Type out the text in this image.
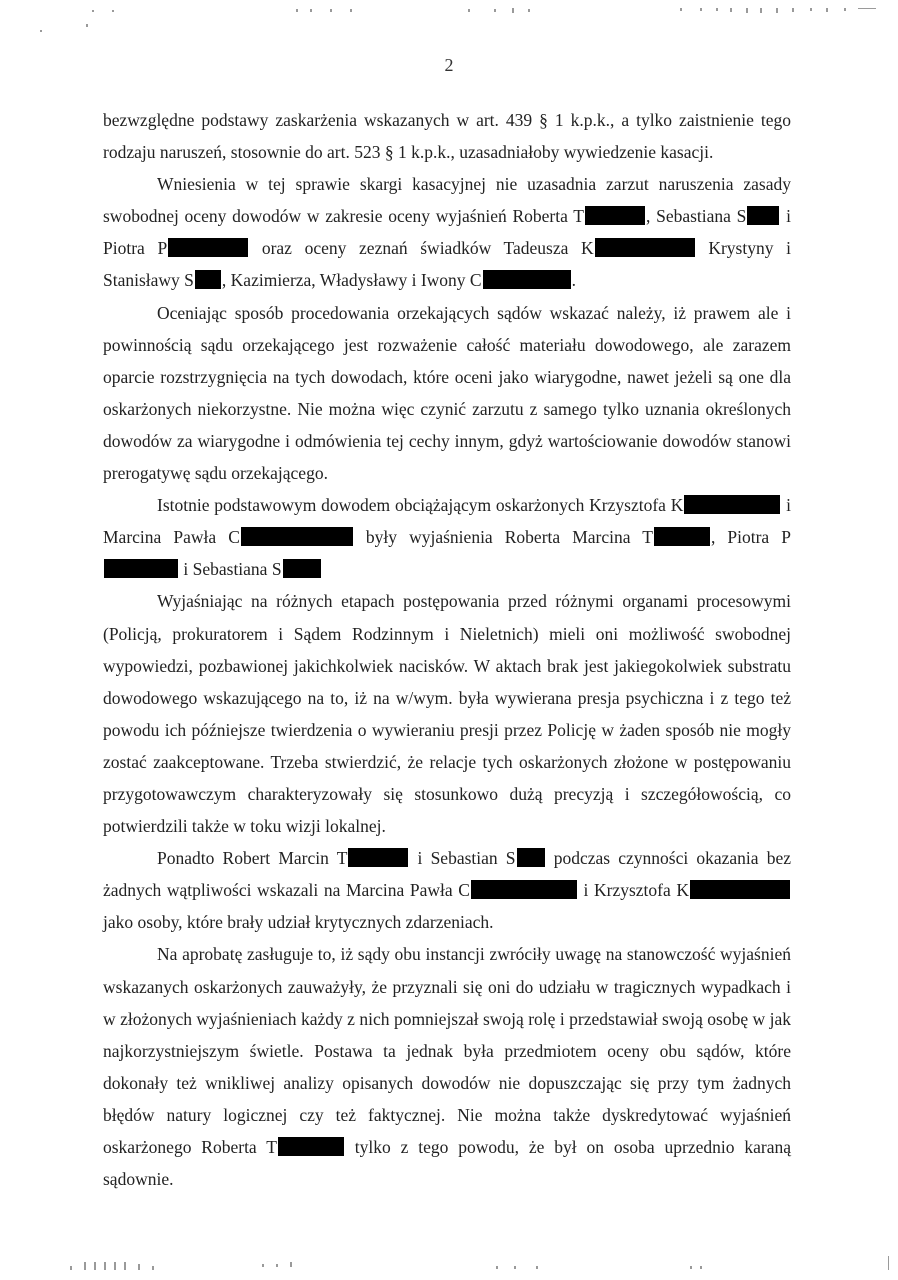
2

bezwzględne podstawy zaskarżenia wskazanych w art. 439 § 1 k.p.k., a tylko zaistnienie tego rodzaju naruszeń, stosownie do art. 523 § 1 k.p.k., uzasadniałoby wywiedzenie kasacji.

Wniesienia w tej sprawie skargi kasacyjnej nie uzasadnia zarzut naruszenia zasady swobodnej oceny dowodów w zakresie oceny wyjaśnień Roberta T	, Sebastiana S i Piotra P	oraz oceny zeznań świadków Tadeusza K	Krystyny i Stanisławy S , Kazimierza, Władysławy i Iwony C	.

Oceniając sposób procedowania orzekających sądów wskazać należy, iż prawem ale i powinnością sądu orzekającego jest rozważenie całość materiału dowodowego, ale zarazem oparcie rozstrzygnięcia na tych dowodach, które oceni jako wiarygodne, nawet jeżeli są one dla oskarżonych niekorzystne. Nie można więc czynić zarzutu z samego tylko uznania określonych dowodów za wiarygodne i odmówienia tej cechy innym, gdyż wartościowanie dowodów stanowi prerogatywę sądu orzekającego.

Istotnie podstawowym dowodem obciążającym oskarżonych Krzysztofa K	i Marcina Pawła C	były wyjaśnienia Roberta Marcina T	, Piotra P i Sebastiana S

Wyjaśniając na różnych etapach postępowania przed różnymi organami procesowymi (Policją, prokuratorem i Sądem Rodzinnym i Nieletnich) mieli oni możliwość swobodnej wypowiedzi, pozbawionej jakichkolwiek nacisków. W aktach brak jest jakiegokolwiek substratu dowodowego wskazującego na to, iż na w/wym. była wywierana presja psychiczna i z tego też powodu ich późniejsze twierdzenia o wywieraniu presji przez Policję w żaden sposób nie mogły zostać zaakceptowane. Trzeba stwierdzić, że relacje tych oskarżonych złożone w postępowaniu przygotowawczym charakteryzowały się stosunkowo dużą precyzją i szczegółowością, co potwierdzili także w toku wizji lokalnej.

Ponadto Robert Marcin T	i Sebastian S podczas czynności okazania bez żadnych wątpliwości wskazali na Marcina Pawła C	i Krzysztofa K jako osoby, które brały udział krytycznych zdarzeniach.

Na aprobatę zasługuje to, iż sądy obu instancji zwróciły uwagę na stanowczość wyjaśnień wskazanych oskarżonych zauważyły, że przyznali się oni do udziału w tragicznych wypadkach i w złożonych wyjaśnieniach każdy z nich pomniejszał swoją rolę i przedstawiał swoją osobę w jak najkorzystniejszym świetle. Postawa ta jednak była przedmiotem oceny obu sądów, które dokonały też wnikliwej analizy opisanych dowodów nie dopuszczając się przy tym żadnych błędów natury logicznej czy też faktycznej. Nie można także dyskredytować wyjaśnień oskarżonego Roberta T	tylko z tego powodu, że był on osoba uprzednio karaną sądownie.
